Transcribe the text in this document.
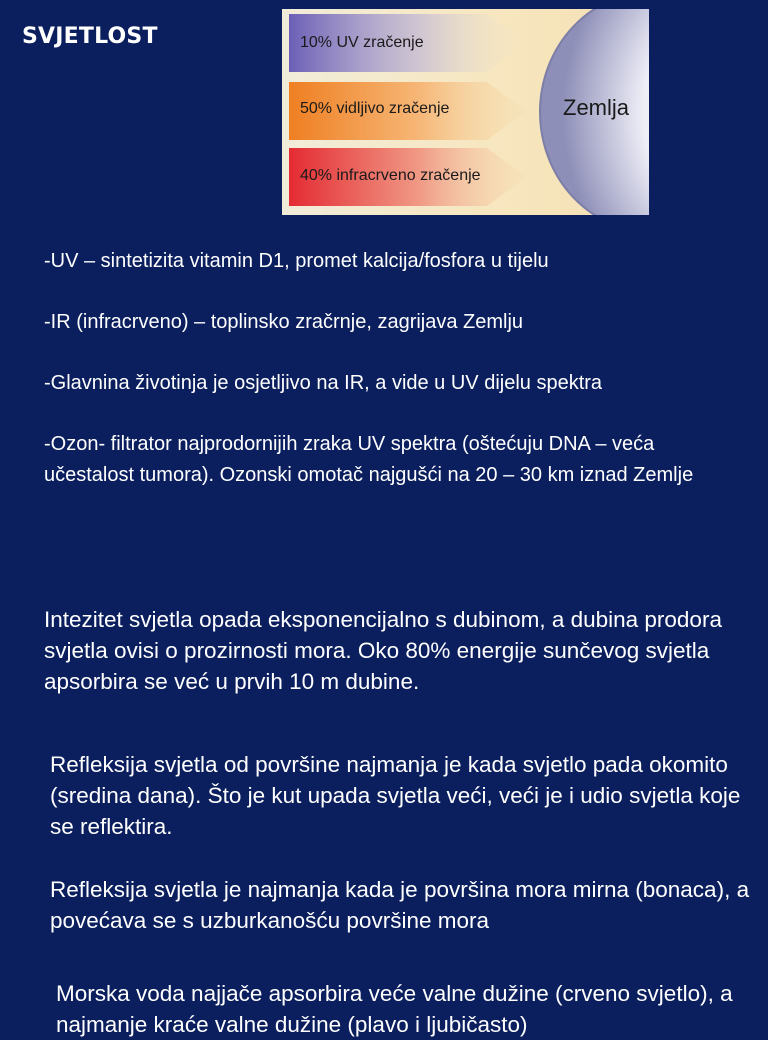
SVJETLOST	10% UV zračenje
50% vidljivo zračenje
40% infracrveno zračenje
Zemlja

-UV – sintetizita vitamin D1, promet kalcija/fosfora u tijelu

-IR (infracrveno) – toplinsko zračrnje, zagrijava Zemlju

-Glavnina životinja je osjetljivo na IR, a vide u UV dijelu spektra

-Ozon- filtrator najprodornijih zraka UV spektra (oštećuju DNA – veća učestalost tumora). Ozonski omotač najgušći na 20 – 30 km iznad Zemlje

Intezitet svjetla opada eksponencijalno s dubinom, a dubina prodora svjetla ovisi o prozirnosti mora. Oko 80% energije sunčevog svjetla apsorbira se već u prvih 10 m dubine.

Refleksija svjetla od površine najmanja je kada svjetlo pada okomito (sredina dana). Što je kut upada svjetla veći, veći je i udio svjetla koje se reflektira.

Refleksija svjetla je najmanja kada je površina mora mirna (bonaca), a povećava se s uzburkanošću površine mora

Morska voda najjače apsorbira veće valne dužine (crveno svjetlo), a najmanje kraće valne dužine (plavo i ljubičasto)
